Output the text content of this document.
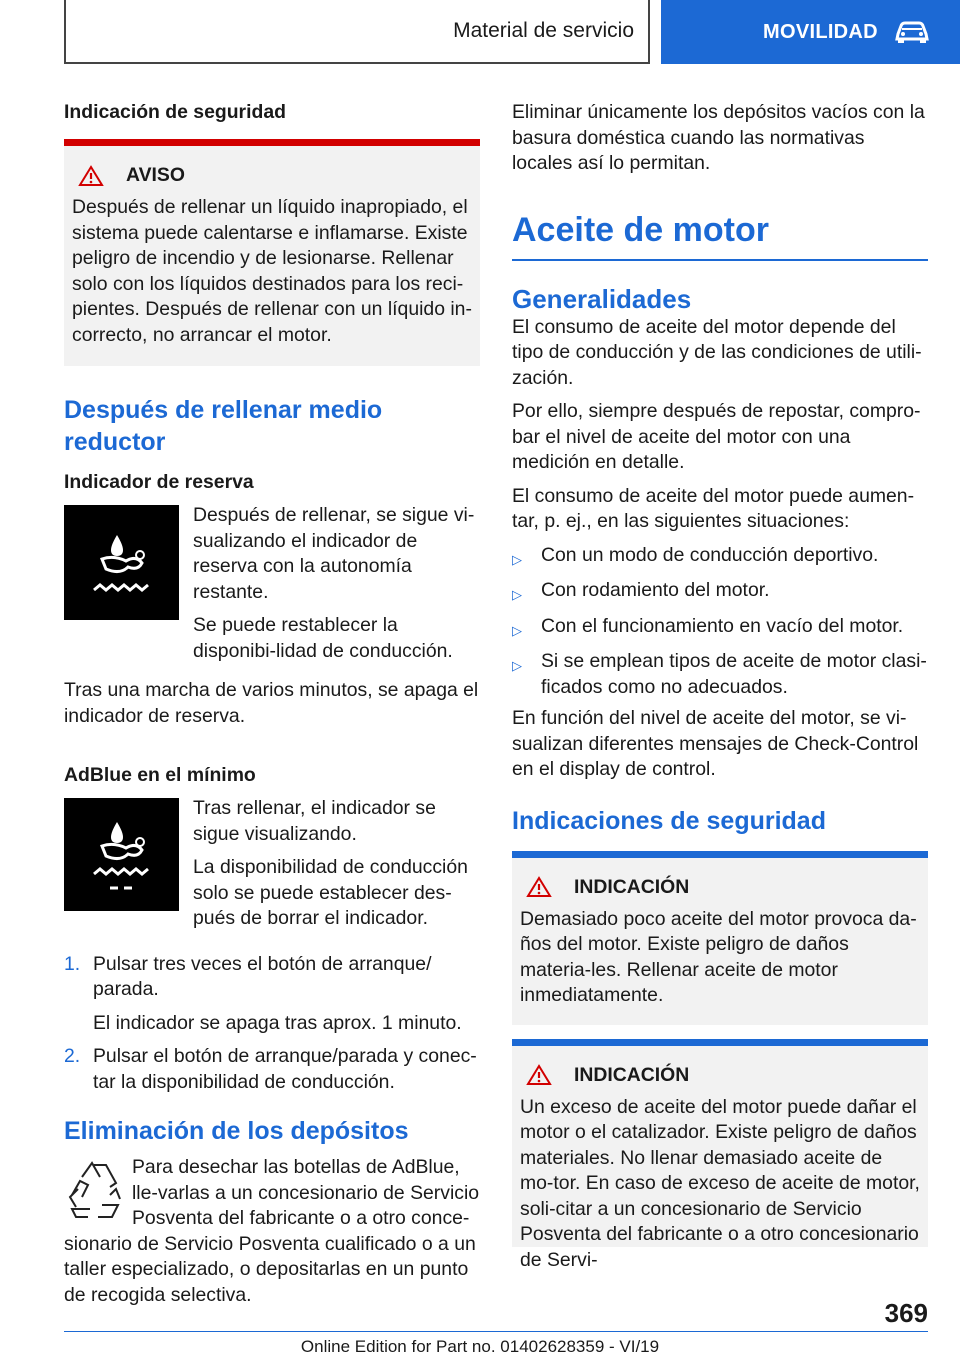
Material de servicio	MOVILIDAD
Indicación de seguridad
AVISO

Después de rellenar un líquido inapropiado, el sistema puede calentarse e inflamarse. Existe peligro de incendio y de lesionarse. Rellenar solo con los líquidos destinados para los reci-pientes. Después de rellenar con un líquido in-correcto, no arrancar el motor.

Después de rellenar medio reductor
Indicador de reserva

Después de rellenar, se sigue vi-sualizando el indicador de reserva con la autonomía restante.

Se puede restablecer la disponibi-lidad de conducción.

Tras una marcha de varios minutos, se apaga el indicador de reserva.

AdBlue en el mínimo

Tras rellenar, el indicador se sigue visualizando.

La disponibilidad de conducción solo se puede establecer des-pués de borrar el indicador.

1. Pulsar tres veces el botón de arranque/ parada.

El indicador se apaga tras aprox. 1 minuto.

2. Pulsar el botón de arranque/parada y conec-tar la disponibilidad de conducción.

Eliminación de los depósitos

Para desechar las botellas de AdBlue, lle-varlas a un concesionario de Servicio Posventa del fabricante o a otro conce-sionario de Servicio Posventa cualificado o a un taller especializado, o depositarlas en un punto de recogida selectiva.

Eliminar únicamente los depósitos vacíos con la basura doméstica cuando las normativas locales así lo permitan.

Aceite de motor
Generalidades

El consumo de aceite del motor depende del tipo de conducción y de las condiciones de utili-zación.

Por ello, siempre después de repostar, compro-bar el nivel de aceite del motor con una medición en detalle.

El consumo de aceite del motor puede aumen-tar, p. ej., en las siguientes situaciones:

▷ Con un modo de conducción deportivo.
▷ Con rodamiento del motor.
▷ Con el funcionamiento en vacío del motor.
▷ Si se emplean tipos de aceite de motor clasi-ficados como no adecuados.

En función del nivel de aceite del motor, se vi-sualizan diferentes mensajes de Check-Control en el display de control.

Indicaciones de seguridad
INDICACIÓN

Demasiado poco aceite del motor provoca da-ños del motor. Existe peligro de daños materia-les. Rellenar aceite de motor inmediatamente.

INDICACIÓN

Un exceso de aceite del motor puede dañar el motor o el catalizador. Existe peligro de daños materiales. No llenar demasiado aceite de mo-tor. En caso de exceso de aceite de motor, soli-citar a un concesionario de Servicio Posventa del fabricante o a otro concesionario de Servi-

369
Online Edition for Part no. 01402628359 - VI/19
